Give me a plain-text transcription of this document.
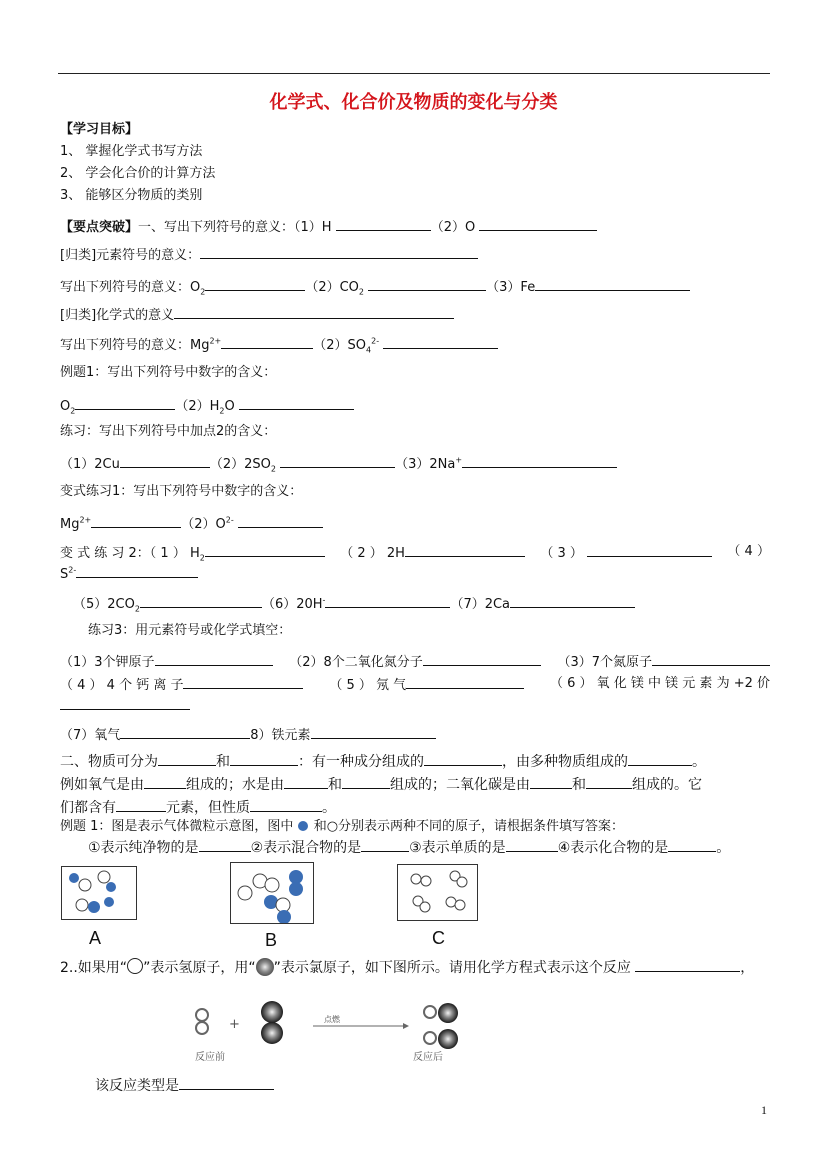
化学式、化合价及物质的变化与分类
【学习目标】
1、 掌握化学式书写方法
2、 学会化合价的计算方法
3、 能够区分物质的类别
【要点突破】一、写出下列符号的意义：（1）H	（2）O
[归类]元素符号的意义：
写出下列符号的意义：$O_2$	$(2)CO_2$	（3）Fe
[归类]化学式的意义
写出下列符号的意义：$Mg^{2+}$	$(2)SO_4^{2-}$
例题1：写出下列符号中数字的含义：
$O_2$	$(2)H_2O$
练习：写出下列符号中加点2的含义：
（1）2Cu	$(2)2SO_2$	（3）2Na+
变式练习1：写出下列符号中数字的含义：
$Mg^{2+}$	$(2)O^{2-}$
变 式 练 习 2：（ 1 ） $H_2$	（ 2 ） 2H	（ 3 ）	（ 4 ）
$S^{2-}$
$(5)2CO_2$	（6）20H-	（7）2Ca
练习3：用元素符号或化学式填空：
（1）3个钾原子	（2）8个二氧化氮分子	（3）7个氮原子
（ 4 ） 4 个 钙 离 子	（ 5 ） 氖 气	（ 6 ） 氧 化 镁 中 镁 元 素 为 +2 价
（7）氧气	8）铁元素
二、物质可分为	和	：有一种成分组成的	，由多种物质组成的	。
例如氧气是由	组成的；水是由	和	组成的；二氧化碳是由	和	组成的。它
们都含有	元素，但性质	。
例题 1：图是表示气体微粒示意图，图中 和○分别表示两种不同的原子，请根据条件填写答案：
①表示纯净物的是	②表示混合物的是	③表示单质的是	④表示化合物的是	。
A	B	C
2..如果用“ ”表示氢原子，用“ ”表示氯原子，如下图所示。请用化学方程式表示这个反应	，
+	点燃
反应前	反应后
该反应类型是
1
